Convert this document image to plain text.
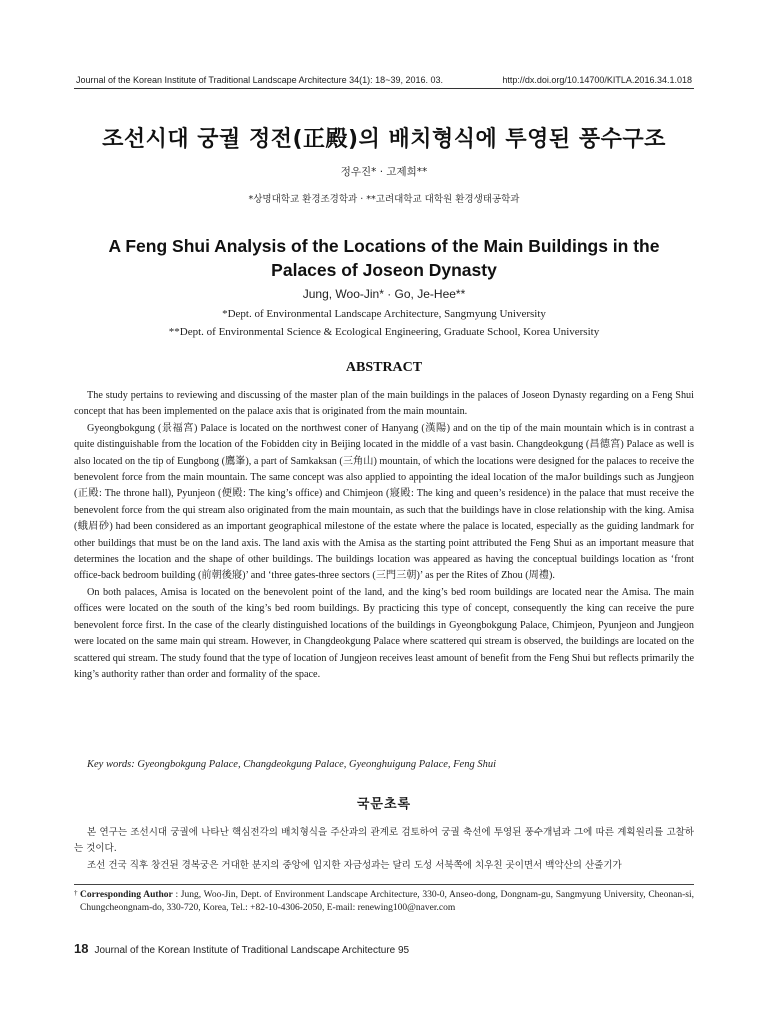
Journal of the Korean Institute of Traditional Landscape Architecture 34(1): 18~39, 2016. 03.	http://dx.doi.org/10.14700/KITLA.2016.34.1.018
조선시대 궁궐 정전(正殿)의 배치형식에 투영된 풍수구조
정우진* · 고제희**
*상명대학교 환경조경학과 · **고려대학교 대학원 환경생태공학과
A Feng Shui Analysis of the Locations of the Main Buildings in the Palaces of Joseon Dynasty
Jung, Woo-Jin* · Go, Je-Hee**
*Dept. of Environmental Landscape Architecture, Sangmyung University
**Dept. of Environmental Science & Ecological Engineering, Graduate School, Korea University
ABSTRACT

The study pertains to reviewing and discussing of the master plan of the main buildings in the palaces of Joseon Dynasty regarding on a Feng Shui concept that has been implemented on the palace axis that is originated from the main mountain.

Gyeongbokgung (景福宮) Palace is located on the northwest coner of Hanyang (漢陽) and on the tip of the main mountain which is in contrast a quite distinguishable from the location of the Fobidden city in Beijing located in the middle of a vast basin. Changdeokgung (昌德宮) Palace as well is also located on the tip of Eungbong (鷹峯), a part of Samkaksan (三角山) mountain, of which the locations were designed for the palaces to receive the benevolent force from the main mountain. The same concept was also applied to appointing the ideal location of the maJor buildings such as Jungjeon (正殿: The throne hall), Pyunjeon (便殿: The king’s office) and Chimjeon (寢殿: The king and queen’s residence) in the palace that must receive the benevolent force from the qui stream also originated from the main mountain, as such that the buildings have in close relationship with the king. Amisa (蛾眉砂) had been considered as an important geographical milestone of the estate where the palace is located, especially as the guiding landmark for other buildings that must be on the land axis. The land axis with the Amisa as the starting point attributed the Feng Shui as an important measure that determines the location and the shape of other buildings. The buildings location was appeared as having the conceptual buildings location as ‘front office-back bedroom building (前朝後寢)’ and ‘three gates-three sectors (三門三朝)’ as per the Rites of Zhou (周禮).

On both palaces, Amisa is located on the benevolent point of the land, and the king’s bed room buildings are located near the Amisa. The main offices were located on the south of the king’s bed room buildings. By practicing this type of concept, consequently the king can receive the pure benevolent force first. In the case of the clearly distinguished locations of the buildings in Gyeongbokgung Palace, Chimjeon, Pyunjeon and Jungjeon were located on the same main qui stream. However, in Changdeokgung Palace where scattered qui stream is observed, the buildings are located on the scattered qui stream. The study found that the type of location of Jungjeon receives least amount of benefit from the Feng Shui but reflects primarily the king’s authority rather than order and formality of the space.

Key words: Gyeongbokgung Palace, Changdeokgung Palace, Gyeonghuigung Palace, Feng Shui
국문초록

본 연구는 조선시대 궁궐에 나타난 핵심전각의 배치형식을 주산과의 관계로 검토하여 궁궐 축선에 투영된 풍수개념과 그에 따른 계획원리를 고찰하는 것이다.

조선 건국 직후 창건된 경복궁은 거대한 분지의 중앙에 입지한 자금성과는 달리 도성 서북쪽에 치우친 곳이면서 백악산의 산줄기가

† Corresponding Author : Jung, Woo-Jin, Dept. of Environment Landscape Architecture, 330-0, Anseo-dong, Dongnam-gu, Sangmyung University, Cheonan-si, Chungcheongnam-do, 330-720, Korea, Tel.: +82-10-4306-2050, E-mail: renewing100@naver.com
18 Journal of the Korean Institute of Traditional Landscape Architecture 95
